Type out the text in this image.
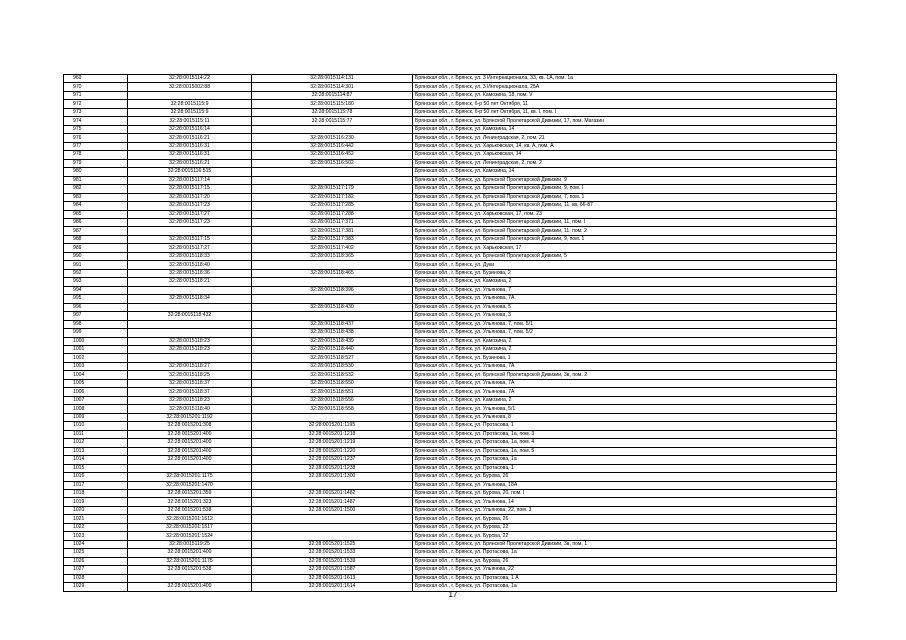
969	32:28:0015114:22	32:28:0015114:131	Брянская обл., г. Брянск, ул. 3 Интернационала, 33, кв. 1А, пом. 1а
970	32:28:0015002:88	32:28:0015114:301	Брянская обл., г. Брянск, ул. 3 Интернационала, 25А
971		32:28:0015114:87	Брянская обл., г. Брянск, ул. Камозина, 18, пом. V
972	32:28:0015115:9	32:28:0015115:180	Брянская обл., г. Брянск, б-р 50 лет Октября, 11
973	32:28:0015115:9	32:28:0015115:78	Брянская обл., г. Брянск, б-р 50 лет Октября, 11, кв. I, пом. I
974	32:28:0015115:11	32:28:0015115:77	Брянская обл., г. Брянск, ул. Брянской Пролетарской Дивизии, 17, пом. Магазин
975	32:28:0015116:14		Брянская обл., г. Брянск, ул. Камозина, 14
976	32:28:0015116:21	32:28:0015116:230	Брянская обл., г. Брянск, ул. Ленинградская, 2, пом. 21
977	32:28:0015116:31	32:28:0015116:442	Брянская обл., г. Брянск, ул. Харьковская, 14, кв. А, пом. А
978	32:28:0015116:31	32:28:0015116:452	Брянская обл., г. Брянск, ул. Харьковская, 14
979	32:28:0015116:21	32:28:0015116:502	Брянская обл., г. Брянск, ул. Ленинградская, 2, пом. 2
980	32:28:0015116:515		Брянская обл., г. Брянск, ул. Камозина, 14
981	32:28:0015117:14		Брянская обл., г. Брянск, ул. Брянской Пролетарской Дивизии, 9
982	32:28:0015117:15	32:28:0015117:179	Брянская обл., г. Брянск, ул. Брянской Пролетарской Дивизии, 9, пом. I
983	32:28:0015117:20	32:28:0015117:182	Брянская обл., г. Брянск, ул. Брянской Пролетарской Дивизии, 7, пом. 1
984	32:28:0015117:23	32:28:0015117:285	Брянская обл., г. Брянск, ул. Брянской Пролетарской Дивизии, 11, кв. 66-87
985	32:28:0015117:27	32:28:0015117:288	Брянская обл., г. Брянск, ул. Харьковская, 17, пом. 23
986	32:28:0015117:23	32:28:0015117:371	Брянская обл., г. Брянск, ул. Брянской Пролетарской Дивизии, 11, пом. I
987		32:28:0015117:381	Брянская обл., г. Брянск, ул. Брянской Пролетарской Дивизии, 11, пом. 2
988	32:28:0015117:15	32:28:0015117:383	Брянская обл., г. Брянск, ул. Брянской Пролетарской Дивизии, 9, пом. 1
989	32:28:0015117:27	32:28:0015117:402	Брянская обл., г. Брянск, ул. Харьковская, 17
990	32:28:0015118:33	32:28:0015118:365	Брянская обл., г. Брянск, ул. Брянской Пролетарской Дивизии, 5
991	32:28:0015118:40		Брянская обл., г. Брянск, ул. Дуки
992	32:28:0015118:36	32:28:0015118:465	Брянская обл., г. Брянск, ул. Бузинова, 2
993	32:28:0015118:21		Брянская обл., г. Брянск, ул. Камозина, 2
994		32:28:0015118:396	Брянская обл., г. Брянск, ул. Ульянова, 7
995	32:28:0015118:34		Брянская обл., г. Брянск, ул. Ульянова, 7А
996		32:28:0015118:430	Брянская обл., г. Брянск, ул. Ульянова, 5
997	32:28:0015118:432		Брянская обл., г. Брянск, ул. Ульянова, 3
998		32:28:0015118:437	Брянская обл., г. Брянск, ул. Ульянова, 7, пом. 5/1
999		32:28:0015118:438	Брянская обл., г. Брянск, ул. Ульянова, 7, пом. 5/2
1000	32:28:0015118:23	32:28:0015118:439	Брянская обл., г. Брянск, ул. Камозина, 2
1001	32:28:0015118:23	32:28:0015118:440	Брянская обл., г. Брянск, ул. Камозина, 2
1002		32:28:0015118:527	Брянская обл., г. Брянск, ул. Бузинова, 1
1003	32:28:0015118:27	32:28:0015118:530	Брянская обл., г. Брянск, ул. Ульянова, 7А
1004	32:28:0015118:25	32:28:0015118:532	Брянская обл., г. Брянск, ул. Брянской Пролетарской Дивизии, 3в, пом. 2
1005	32:28:0015118:37	32:28:0015118:550	Брянская обл., г. Брянск, ул. Ульянова, 7А
1006	32:28:0015118:37	32:28:0015118:551	Брянская обл., г. Брянск, ул. Ульянова, 7А
1007	32:28:0015118:23	32:28:0015118:556	Брянская обл., г. Брянск, ул. Камозина, 2
1008	32:28:0015118:40	32:28:0015118:558	Брянская обл., г. Брянск, ул. Ульянова, 5/1
1009	32:28:0015201:1192		Брянская обл., г. Брянск, ул. Ульянова, 8
1010	32:28:0015201:308	32:28:0015201:1195	Брянская обл., г. Брянск, ул. Протасова, 1
1011	32:28:0015201:400	32:28:0015201:1218	Брянская обл., г. Брянск, ул. Протасова, 1а, пом. 3
1012	32:28:0015201:400	32:28:0015201:1219	Брянская обл., г. Брянск, ул. Протасова, 1а, пом. 4
1013	32:28:0015201:400	32:28:0015201:1220	Брянская обл., г. Брянск, ул. Протасова, 1а, пом. 5
1014	32:28:0015201:400	32:28:0015201:1237	Брянская обл., г. Брянск, ул. Протасова, 1а
1015		32:28:0015201:1238	Брянская обл., г. Брянск, ул. Протасова, 1
1016	32:28:0015201:1175	32:28:0015201:1300	Брянская обл., г. Брянск, ул. Бурова, 26
1017	32:28:0015201:1470		Брянская обл., г. Брянск, ул. Ульянова, 18А
1018	32:28:0015201:359	32:28:0015201:1482	Брянская обл., г. Брянск, ул. Бурова, 20, пом. I
1019	32:28:0015201:323	32:28:0015201:1487	Брянская обл., г. Брянск, ул. Ульянова, 14
1020	32:28:0015201:538	32:28:0015201:1500	Брянская обл., г. Брянск, ул. Ульянова, 22, пом. 3
1021	32:28:0015201:1512		Брянская обл., г. Брянск, ул. Бурова, 26
1022	32:28:0015201:1517		Брянская обл., г. Брянск, ул. Бурова, 22
1023	32:28:0015201:1524		Брянская обл., г. Брянск, ул. Бурова, 22
1024	32:28:0015119:25	32:28:0015201:1525	Брянская обл., г. Брянск, ул. Брянской Пролетарской Дивизии, 3в, пом. 1
1025	32:28:0015201:400	32:28:0015201:1533	Брянская обл., г. Брянск, ул. Протасова, 1а
1026	32:28:0015201:1175	32:28:0015201:1539	Брянская обл., г. Брянск, ул. Бурова, 26
1027	32:28:0015201:538	32:28:0015201:1587	Брянская обл., г. Брянск, ул. Ульянова, 22
1028		32:28:0015201:1613	Брянская обл., г. Брянск, ул. Протасова, 1 А
1029	32:28:0015201:400	32:28:0015201:1614	Брянская обл., г. Брянск, ул. Протасова, 1а
17
